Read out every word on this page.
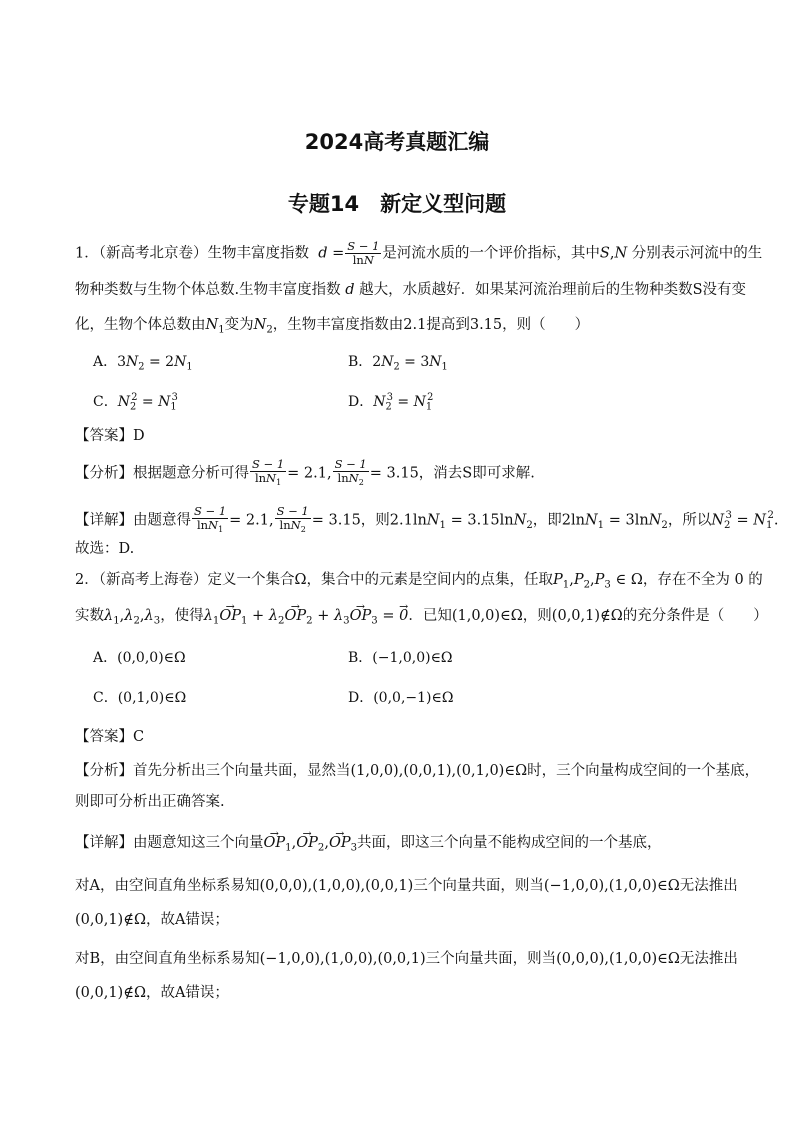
2024高考真题汇编
专题14　新定义型问题
1．（新高考北京卷）生物丰富度指数  $d = \frac{S - 1}{\ln N}$ 是河流水质的一个评价指标，其中S,N 分别表示河流中的生
物种类数与生物个体总数.生物丰富度指数 d 越大，水质越好．如果某河流治理前后的生物种类数S没有变
化，生物个体总数由$N_1$变为$N_2$，生物丰富度指数由2.1提高到3.15，则（　　）
A．$3N_2 = 2N_1$	B．$2N_2 = 3N_1$
C．$N_2^2 = N_1^3$	D．$N_2^3 = N_1^2$
【答案】D
【分析】根据题意分析可得 $\frac{S - 1}{\ln N_1} = 2.1$, $\frac{S - 1}{\ln N_2} = 3.15$，消去S即可求解.
【详解】由题意得 $\frac{S - 1}{\ln N_1} = 2.1$, $\frac{S - 1}{\ln N_2} = 3.15$，则2.1lnN$_1$ = 3.15lnN$_2$，即2lnN$_1$ = 3lnN$_2$，所以$N_2^3 = N_1^2$.
故选：D.
2．（新高考上海卷）定义一个集合Ω，集合中的元素是空间内的点集，任取$P_1,P_2,P_3$ ∈ Ω，存在不全为 0 的
实数$\lambda_1,\lambda_2,\lambda_3$，使得$\lambda_1\to OP_1 + \lambda_2\to OP_2 + \lambda_3\to OP_3$ = → 0．已知(1,0,0)∈Ω，则(0,0,1)∉Ω的充分条件是（　　）
A．(0,0,0)∈Ω	B．(−1,0,0)∈Ω
C．(0,1,0)∈Ω	D．(0,0,−1)∈Ω
【答案】C
【分析】首先分析出三个向量共面，显然当(1,0,0),(0,0,1),(0,1,0)∈Ω时，三个向量构成空间的一个基底，
则即可分析出正确答案.
【详解】由题意知这三个向量→ $OP_1,\to OP_2,\to OP_3$共面，即这三个向量不能构成空间的一个基底，
对A，由空间直角坐标系易知(0,0,0),(1,0,0),(0,0,1)三个向量共面，则当(−1,0,0),(1,0,0)∈Ω无法推出
(0,0,1)∉Ω，故A错误；
对B，由空间直角坐标系易知(−1,0,0),(1,0,0),(0,0,1)三个向量共面，则当(0,0,0),(1,0,0)∈Ω无法推出
(0,0,1)∉Ω，故A错误；
